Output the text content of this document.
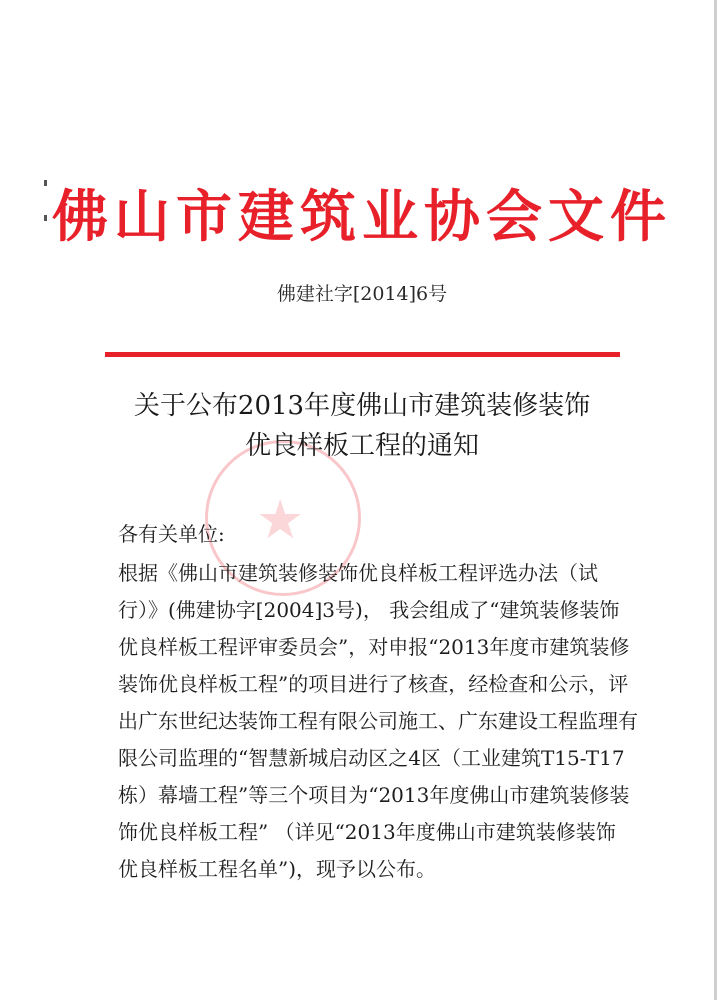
★
佛山市建筑业协会文件
佛建社字[2014]6号
关于公布2013年度佛山市建筑装修装饰
优良样板工程的通知
各有关单位:
根据《佛山市建筑装修装饰优良样板工程评选办法（试
行）》(佛建协字[2004]3号)， 我会组成了“建筑装修装饰
优良样板工程评审委员会”，对申报“2013年度市建筑装修
装饰优良样板工程”的项目进行了核查，经检查和公示，评
出广东世纪达装饰工程有限公司施工、广东建设工程监理有
限公司监理的“智慧新城启动区之4区（工业建筑T15-T17
栋）幕墙工程”等三个项目为“2013年度佛山市建筑装修装
饰优良样板工程” （详见“2013年度佛山市建筑装修装饰
优良样板工程名单”)，现予以公布。
